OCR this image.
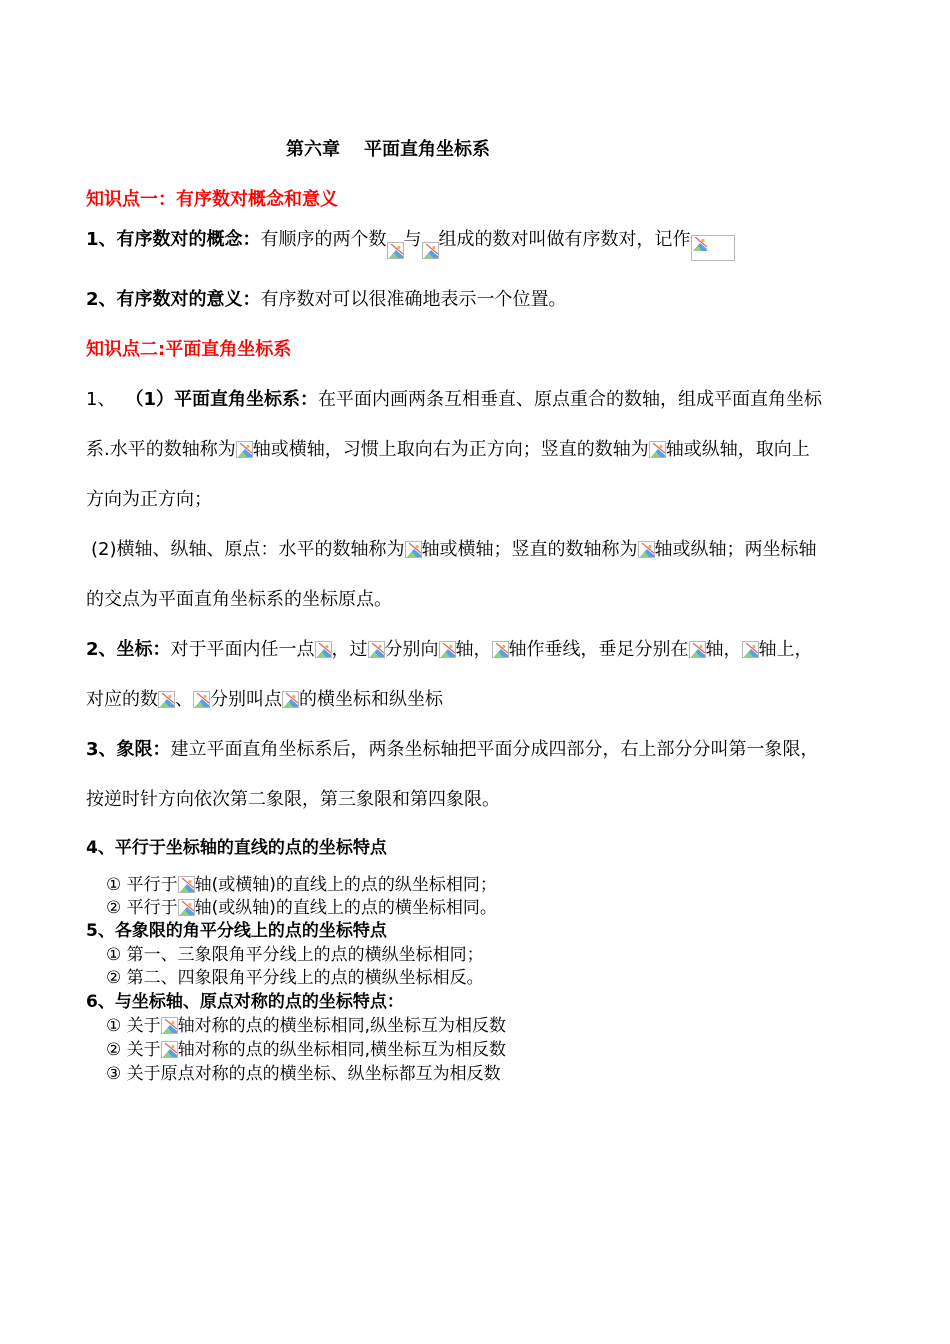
第六章 平面直角坐标系
知识点一：有序数对概念和意义
1、有序数对的概念：有顺序的两个数 与 组成的数对叫做有序数对，记作
2、有序数对的意义：有序数对可以很准确地表示一个位置。
知识点二:平面直角坐标系
1、 （1）平面直角坐标系：在平面内画两条互相垂直、原点重合的数轴，组成平面直角坐标
系.水平的数轴称为 轴或横轴，习惯上取向右为正方向；竖直的数轴为 轴或纵轴，取向上
方向为正方向；
(2)横轴、纵轴、原点：水平的数轴称为 轴或横轴；竖直的数轴称为 轴或纵轴；两坐标轴
的交点为平面直角坐标系的坐标原点。
2、坐标：对于平面内任一点 ，过 分别向 轴， 轴作垂线，垂足分别在 轴， 轴上，
对应的数 、 分别叫点 的横坐标和纵坐标
3、象限：建立平面直角坐标系后，两条坐标轴把平面分成四部分，右上部分分叫第一象限，
按逆时针方向依次第二象限，第三象限和第四象限。
4、平行于坐标轴的直线的点的坐标特点
① 平行于 轴(或横轴)的直线上的点的纵坐标相同；
② 平行于 轴(或纵轴)的直线上的点的横坐标相同。
5、各象限的角平分线上的点的坐标特点
① 第一、三象限角平分线上的点的横纵坐标相同；
② 第二、四象限角平分线上的点的横纵坐标相反。
6、与坐标轴、原点对称的点的坐标特点：
① 关于 轴对称的点的横坐标相同,纵坐标互为相反数
② 关于 轴对称的点的纵坐标相同,横坐标互为相反数
③ 关于原点对称的点的横坐标、纵坐标都互为相反数
